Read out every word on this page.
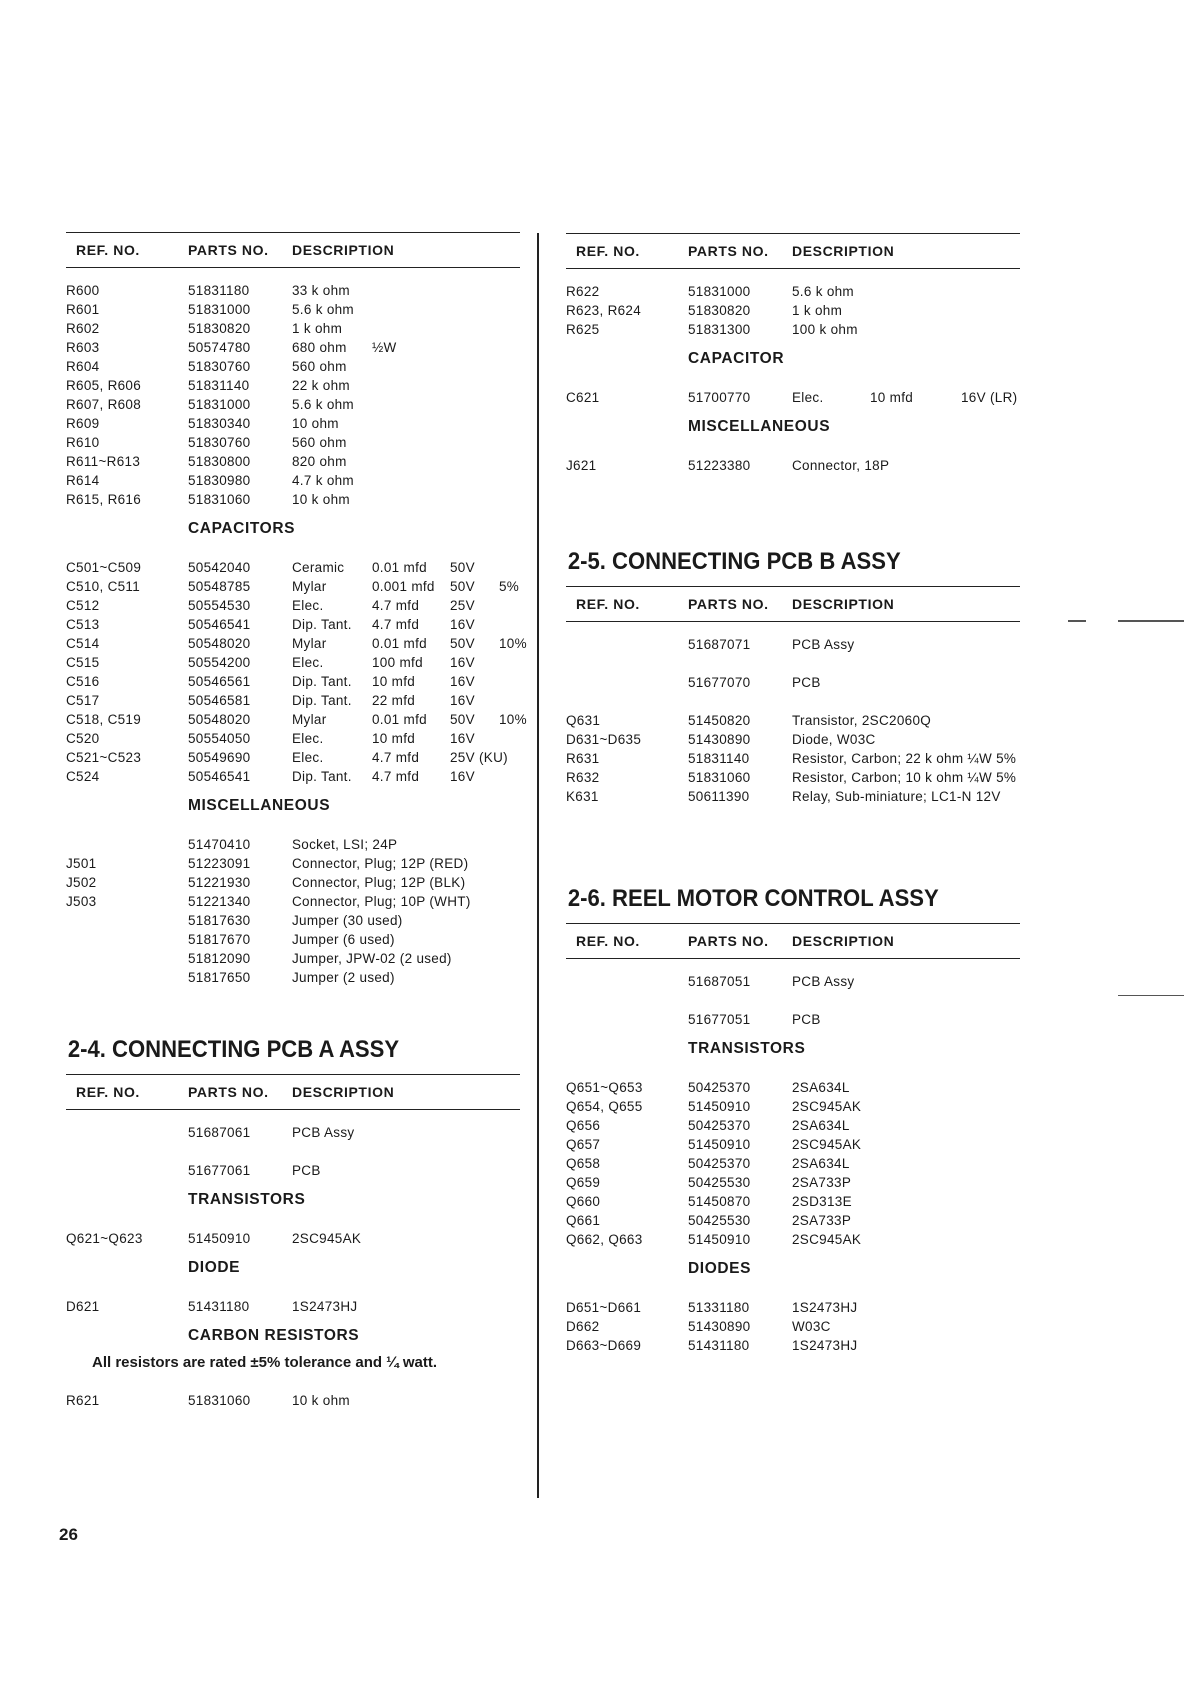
REF. NO.	PARTS NO. DESCRIPTION
R600	51831180	33 k ohm
R601	51831000	5.6 k ohm
R602	51830820	1 k ohm
R603	50574780	680 ohm ½W
R604	51830760	560 ohm
R605, R606	51831140	22 k ohm
R607, R608	51831000	5.6 k ohm
R609	51830340	10 ohm
R610	51830760	560 ohm
R611~R613	51830800	820 ohm
R614	51830980	4.7 k ohm
R615, R616	51831060	10 k ohm
CAPACITORS
C501~C509	50542040	Ceramic 0.01 mfd 50V
C510, C511	50548785	Mylar	0.001 mfd 50V 5%
C512	50554530	Elec.	4.7 mfd 25V
C513	50546541	Dip. Tant. 4.7 mfd 16V
C514	50548020	Mylar	0.01 mfd 50V 10%
C515	50554200	Elec.	100 mfd 16V
C516	50546561	Dip. Tant. 10 mfd	16V
C517	50546581	Dip. Tant. 22 mfd	16V
C518, C519	50548020	Mylar	0.01 mfd 50V 10%
C520	50554050	Elec.	10 mfd	16V
C521~C523	50549690	Elec.	4.7 mfd 25V (KU)
C524	50546541	Dip. Tant. 4.7 mfd 16V
MISCELLANEOUS
51470410	Socket, LSI; 24P
J501	51223091	Connector, Plug; 12P (RED)
J502	51221930	Connector, Plug; 12P (BLK)
J503	51221340	Connector, Plug; 10P (WHT)
51817630	Jumper (30 used)
51817670	Jumper (6 used)
51812090	Jumper, JPW-02 (2 used)
51817650	Jumper (2 used)
2-4. CONNECTING PCB A ASSY
REF. NO.	PARTS NO. DESCRIPTION
51687061	PCB Assy
51677061	PCB
TRANSISTORS
Q621~Q623	51450910	2SC945AK
DIODE
D621	51431180	1S2473HJ
CARBON RESISTORS
All resistors are rated ±5% tolerance and ¼ watt.
R621	51831060	10 k ohm
REF. NO.	PARTS NO. DESCRIPTION
R622	51831000	5.6 k ohm
R623, R624	51830820	1 k ohm
R625	51831300	100 k ohm
CAPACITOR
C621	51700770	Elec.	10 mfd	16V (LR)
MISCELLANEOUS
J621	51223380	Connector, 18P
2-5. CONNECTING PCB B ASSY
REF. NO.	PARTS NO. DESCRIPTION
51687071	PCB Assy
51677070	PCB
Q631	51450820	Transistor, 2SC2060Q
D631~D635	51430890	Diode, W03C
R631	51831140	Resistor, Carbon; 22 k ohm ¼W 5%
R632	51831060	Resistor, Carbon; 10 k ohm ¼W 5%
K631	50611390	Relay, Sub-miniature; LC1-N 12V
2-6. REEL MOTOR CONTROL ASSY
REF. NO.	PARTS NO. DESCRIPTION
51687051	PCB Assy
51677051	PCB
TRANSISTORS
Q651~Q653	50425370	2SA634L
Q654, Q655	51450910	2SC945AK
Q656	50425370	2SA634L
Q657	51450910	2SC945AK
Q658	50425370	2SA634L
Q659	50425530	2SA733P
Q660	51450870	2SD313E
Q661	50425530	2SA733P
Q662, Q663	51450910	2SC945AK
DIODES
D651~D661	51331180	1S2473HJ
D662	51430890	W03C
D663~D669	51431180	1S2473HJ
26
